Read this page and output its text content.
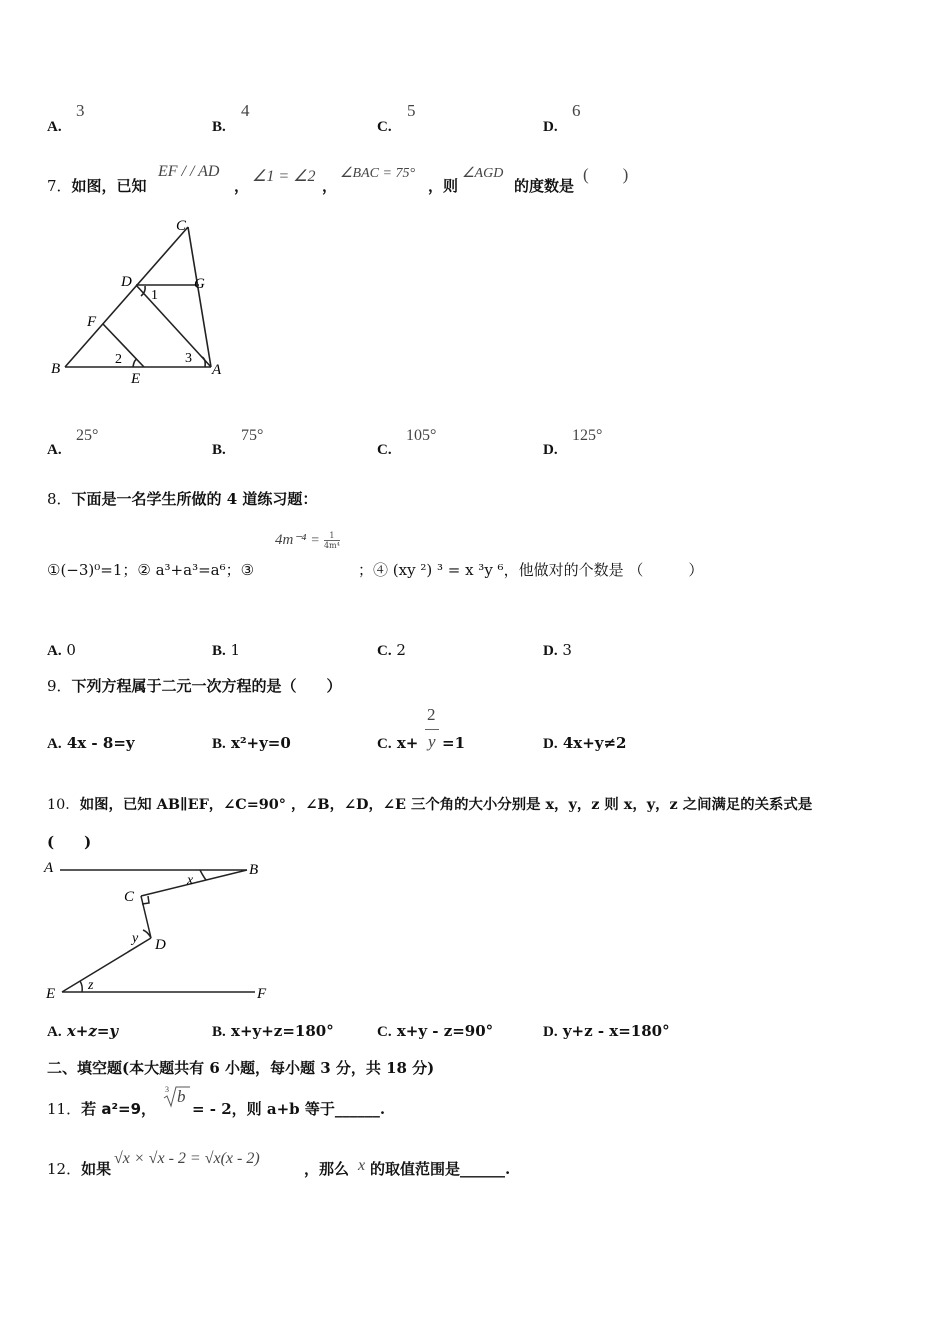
A.
3
B.
4
C.
5
D.
6
7．如图，已知
EF / / AD
，
∠1 = ∠2
，
∠BAC = 75°
，则
∠AGD
的度数是
(　　)
C
D	G
1
F
B
2
E
3
A
A.
25°
B.
75°
C.
105°
D.
125°
8．下面是一名学生所做的 4 道练习题：
$4m^{-4} = \frac{1}{\text{4m⁴}}$
①(−3)⁰=1；② a³+a³=a⁶；③	；④ (xy ²) ³ = x ³y ⁶，他做对的个数是 （　　　）
A. 0	B. 1	C. 2	D. 3
9．下列方程属于二元一次方程的是（　　）
A. 4x - 8=y	B. x²+y=0	C. x+
2
y =1	D. 4x+y≠2
10．如图，已知 AB∥EF，∠C=90° ，∠B，∠D，∠E 三个角的大小分别是 x，y，z 则 x，y，z 之间满足的关系式是
(　　)
A	B
x
C
y D
E
z
F
A. x+z=y	B. x+y+z=180°	C. x+y - z=90°	D. y+z - x=180°
二、填空题(本大题共有 6 小题，每小题 3 分，共 18 分)
11．若 a²=9，
3 b
= - 2，则 a+b 等于______.
12．如果
√x × √x - 2 = √x(x - 2)
，那么 x 的取值范围是______.
